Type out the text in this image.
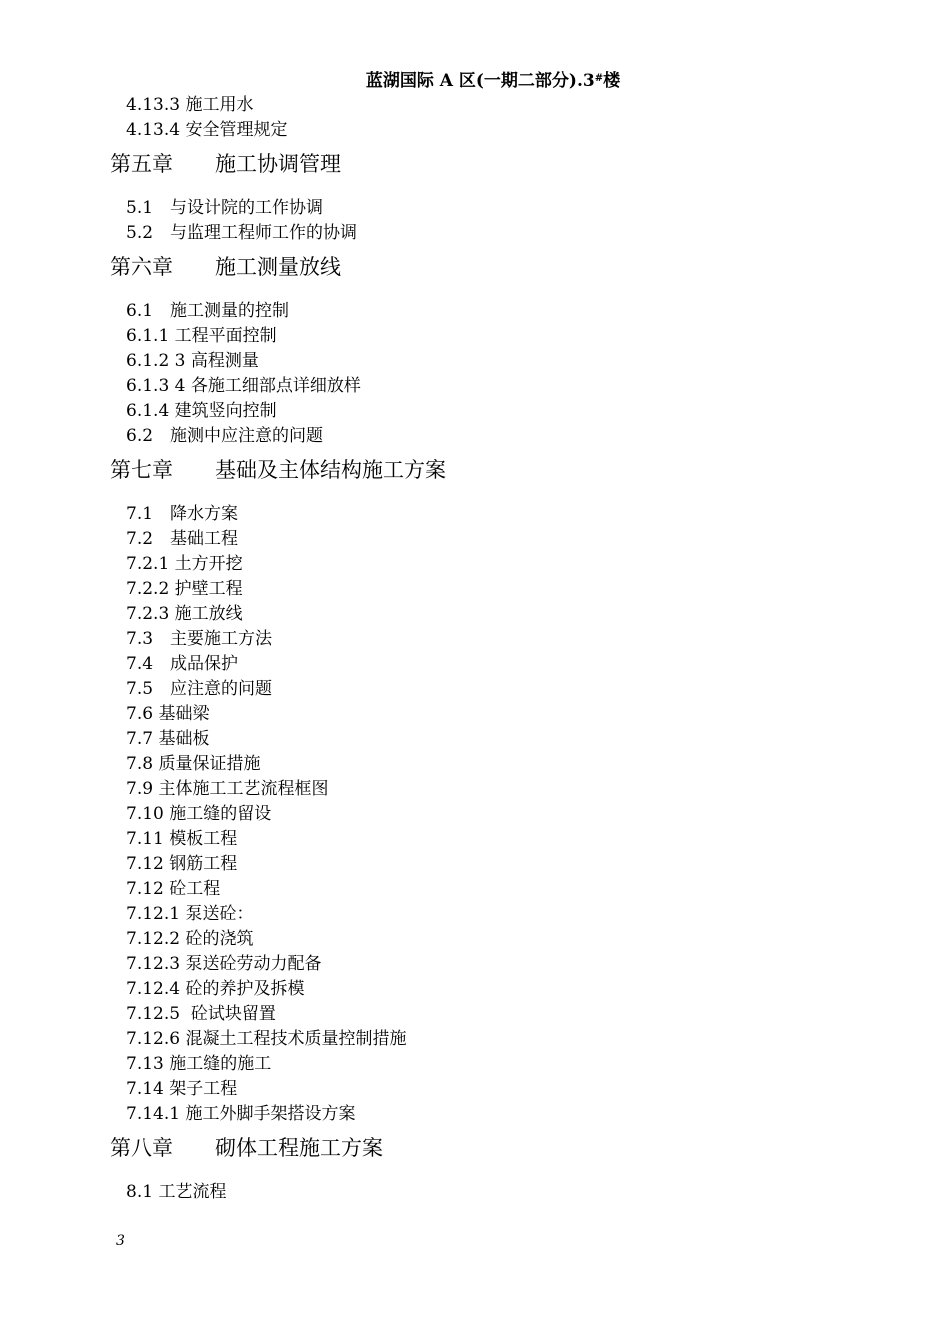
蓝湖国际 A 区(一期二部分).3#楼
4.13.3 施工用水
4.13.4 安全管理规定
第五章　　施工协调管理
5.1　与设计院的工作协调
5.2　与监理工程师工作的协调
第六章　　施工测量放线
6.1　施工测量的控制
6.1.1 工程平面控制
6.1.2 3 高程测量
6.1.3 4 各施工细部点详细放样
6.1.4 建筑竖向控制
6.2　施测中应注意的问题
第七章　　基础及主体结构施工方案
7.1　降水方案
7.2　基础工程
7.2.1 土方开挖
7.2.2 护壁工程
7.2.3 施工放线
7.3　主要施工方法
7.4　成品保护
7.5　应注意的问题
7.6 基础梁
7.7 基础板
7.8 质量保证措施
7.9 主体施工工艺流程框图
7.10 施工缝的留设
7.11 模板工程
7.12 钢筋工程
7.12 砼工程
7.12.1 泵送砼：
7.12.2 砼的浇筑
7.12.3 泵送砼劳动力配备
7.12.4 砼的养护及拆模
7.12.5  砼试块留置
7.12.6 混凝土工程技术质量控制措施
7.13 施工缝的施工
7.14 架子工程
7.14.1 施工外脚手架搭设方案
第八章　　砌体工程施工方案
8.1 工艺流程
3
